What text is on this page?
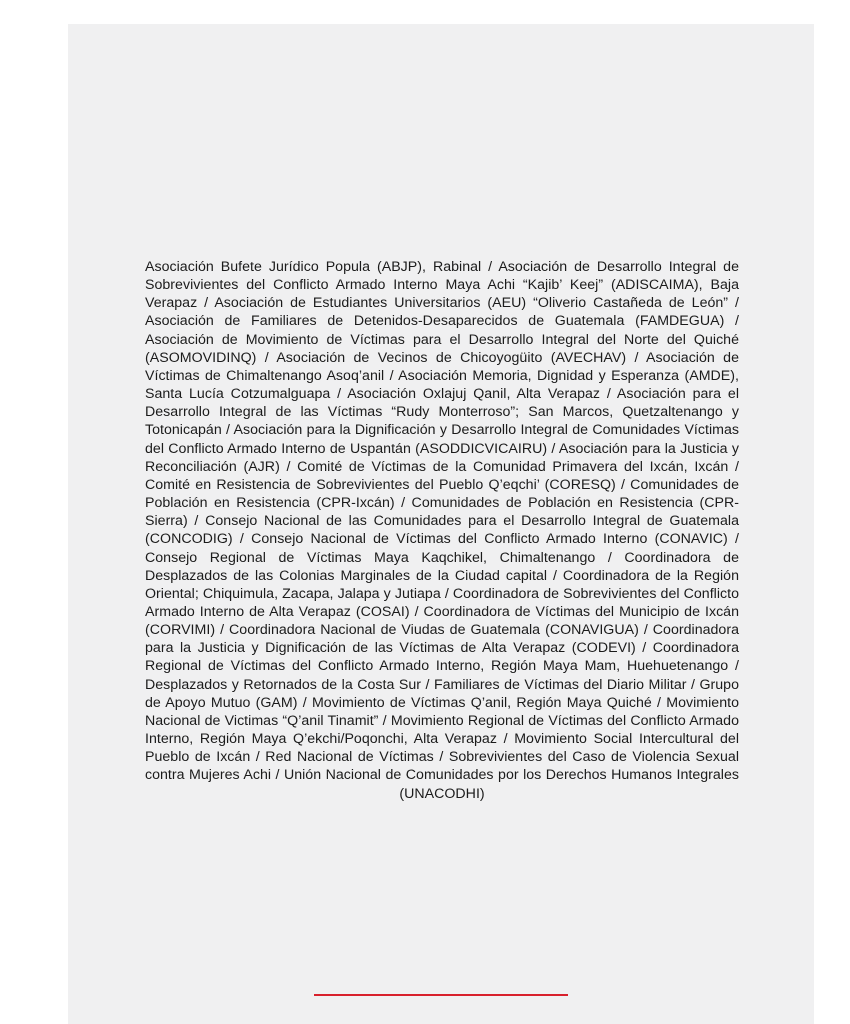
Asociación Bufete Jurídico Popula (ABJP), Rabinal / Asociación de Desarrollo Integral de Sobrevivientes del Conflicto Armado Interno Maya Achi “Kajib’ Keej” (ADISCAIMA), Baja Verapaz / Asociación de Estudiantes Universitarios (AEU) “Oliverio Castañeda de León” / Asociación de Familiares de Detenidos-Desaparecidos de Guatemala (FAMDEGUA) / Asociación de Movimiento de Víctimas para el Desarrollo Integral del Norte del Quiché (ASOMOVIDINQ) / Asociación de Vecinos de Chicoyogüito (AVECHAV) / Asociación de Víctimas de Chimaltenango Asoq’anil / Asociación Memoria, Dignidad y Esperanza (AMDE), Santa Lucía Cotzumalguapa / Asociación Oxlajuj Qanil, Alta Verapaz / Asociación para el Desarrollo Integral de las Víctimas “Rudy Monterroso”; San Marcos, Quetzaltenango y Totonicapán / Asociación para la Dignificación y Desarrollo Integral de Comunidades Víctimas del Conflicto Armado Interno de Uspantán (ASODDICVICAIRU) / Asociación para la Justicia y Reconciliación (AJR) / Comité de Víctimas de la Comunidad Primavera del Ixcán, Ixcán / Comité en Resistencia de Sobrevivientes del Pueblo Q’eqchi’ (CORESQ) / Comunidades de Población en Resistencia (CPR-Ixcán) / Comunidades de Población en Resistencia (CPR-Sierra) / Consejo Nacional de las Comunidades para el Desarrollo Integral de Guatemala (CONCODIG) / Consejo Nacional de Víctimas del Conflicto Armado Interno (CONAVIC) / Consejo Regional de Víctimas Maya Kaqchikel, Chimaltenango / Coordinadora de Desplazados de las Colonias Marginales de la Ciudad capital / Coordinadora de la Región Oriental; Chiquimula, Zacapa, Jalapa y Jutiapa / Coordinadora de Sobrevivientes del Conflicto Armado Interno de Alta Verapaz (COSAI) / Coordinadora de Víctimas del Municipio de Ixcán (CORVIMI) / Coordinadora Nacional de Viudas de Guatemala (CONAVIGUA) / Coordinadora para la Justicia y Dignificación de las Víctimas de Alta Verapaz (CODEVI) / Coordinadora Regional de Víctimas del Conflicto Armado Interno, Región Maya Mam, Huehuetenango / Desplazados y Retornados de la Costa Sur / Familiares de Víctimas del Diario Militar / Grupo de Apoyo Mutuo (GAM) / Movimiento de Víctimas Q’anil, Región Maya Quiché / Movimiento Nacional de Victimas “Q’anil Tinamit” / Movimiento Regional de Víctimas del Conflicto Armado Interno, Región Maya Q’ekchi/Poqonchi, Alta Verapaz / Movimiento Social Intercultural del Pueblo de Ixcán / Red Nacional de Víctimas / Sobrevivientes del Caso de Violencia Sexual contra Mujeres Achi / Unión Nacional de Comunidades por los Derechos Humanos Integrales (UNACODHI)
